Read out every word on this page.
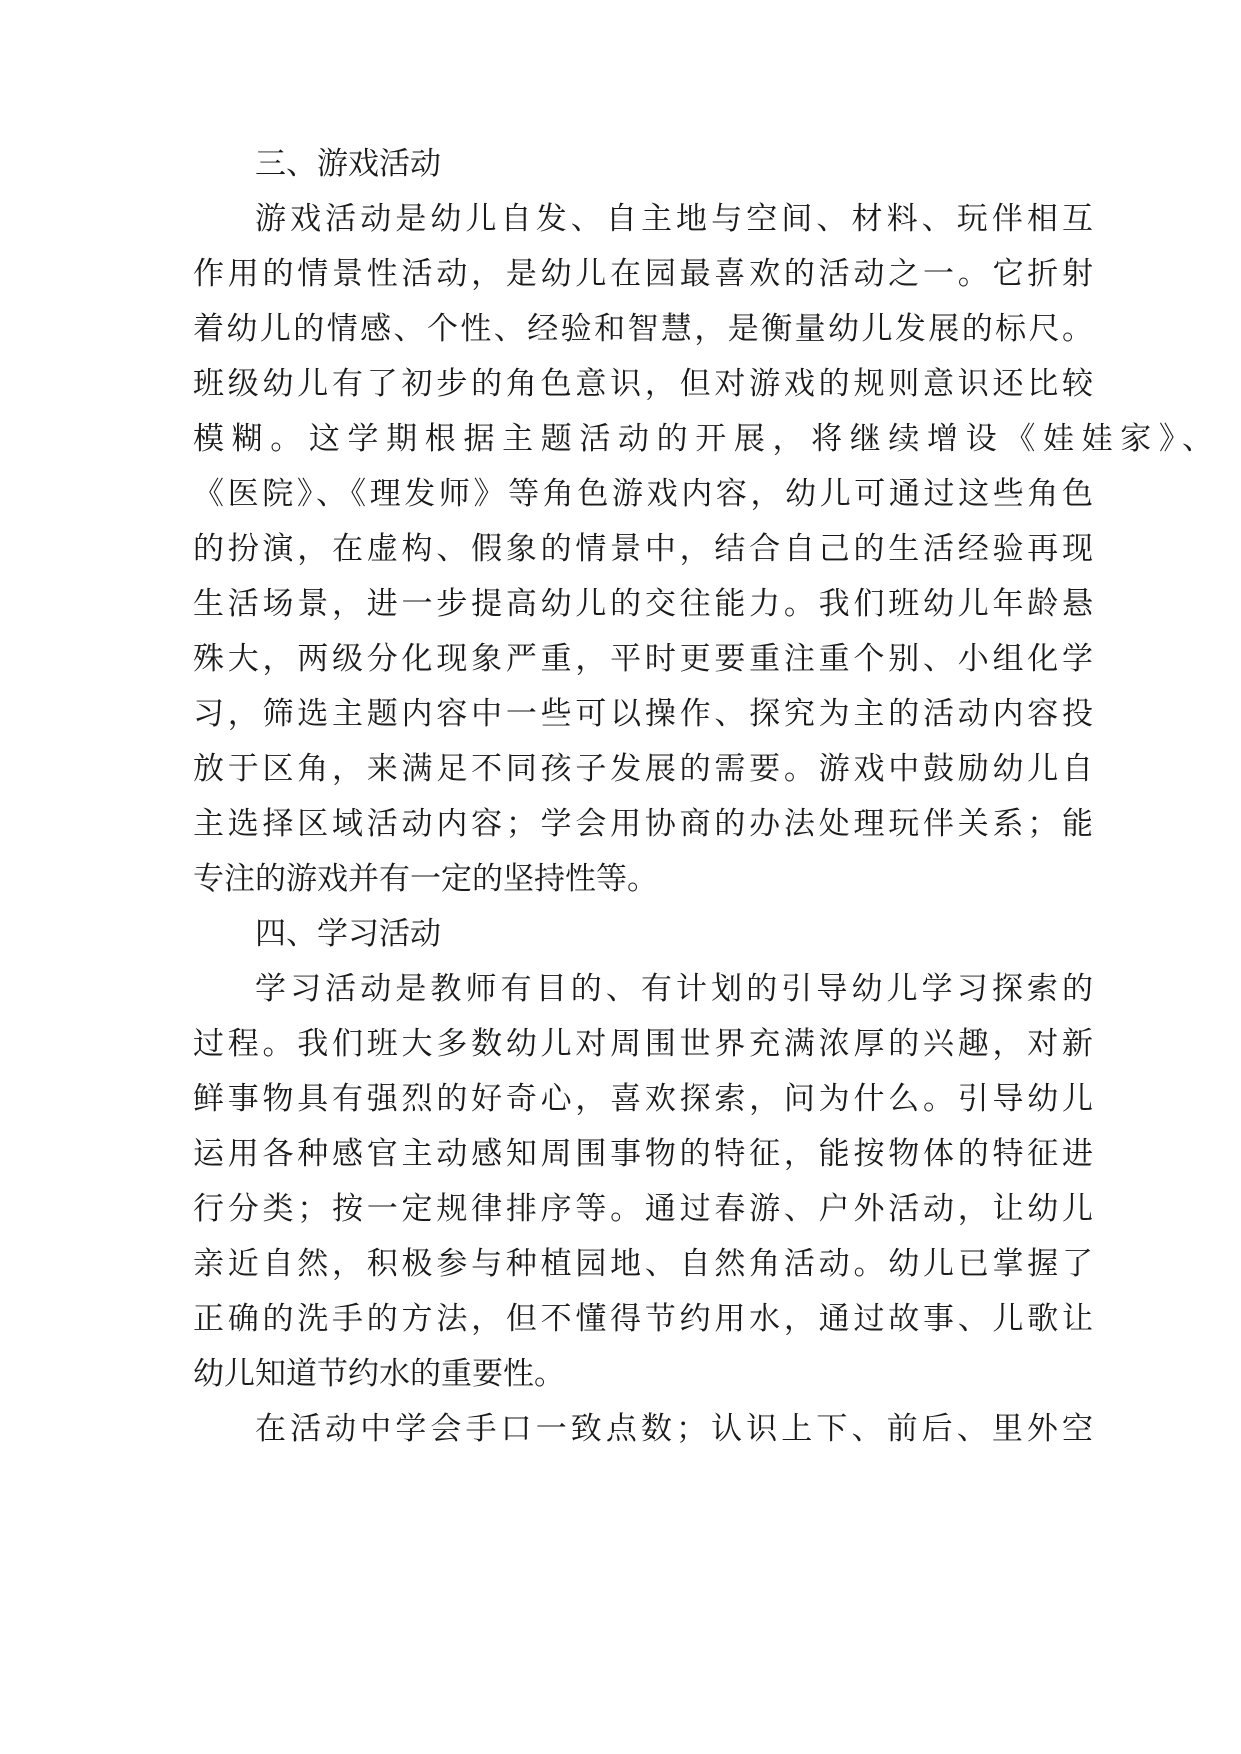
三、游戏活动
游戏活动是幼儿自发、自主地与空间、材料、玩伴相互
作用的情景性活动，是幼儿在园最喜欢的活动之一。它折射
着幼儿的情感、个性、经验和智慧，是衡量幼儿发展的标尺。
班级幼儿有了初步的角色意识，但对游戏的规则意识还比较
模糊。这学期根据主题活动的开展，将继续增设《娃娃家》、
《医院》、《理发师》等角色游戏内容，幼儿可通过这些角色
的扮演，在虚构、假象的情景中，结合自己的生活经验再现
生活场景，进一步提高幼儿的交往能力。我们班幼儿年龄悬
殊大，两级分化现象严重，平时更要重注重个别、小组化学
习，筛选主题内容中一些可以操作、探究为主的活动内容投
放于区角，来满足不同孩子发展的需要。游戏中鼓励幼儿自
主选择区域活动内容；学会用协商的办法处理玩伴关系；能
专注的游戏并有一定的坚持性等。
四、学习活动
学习活动是教师有目的、有计划的引导幼儿学习探索的
过程。我们班大多数幼儿对周围世界充满浓厚的兴趣，对新
鲜事物具有强烈的好奇心，喜欢探索，问为什么。引导幼儿
运用各种感官主动感知周围事物的特征，能按物体的特征进
行分类；按一定规律排序等。通过春游、户外活动，让幼儿
亲近自然，积极参与种植园地、自然角活动。幼儿已掌握了
正确的洗手的方法，但不懂得节约用水，通过故事、儿歌让
幼儿知道节约水的重要性。
在活动中学会手口一致点数；认识上下、前后、里外空
